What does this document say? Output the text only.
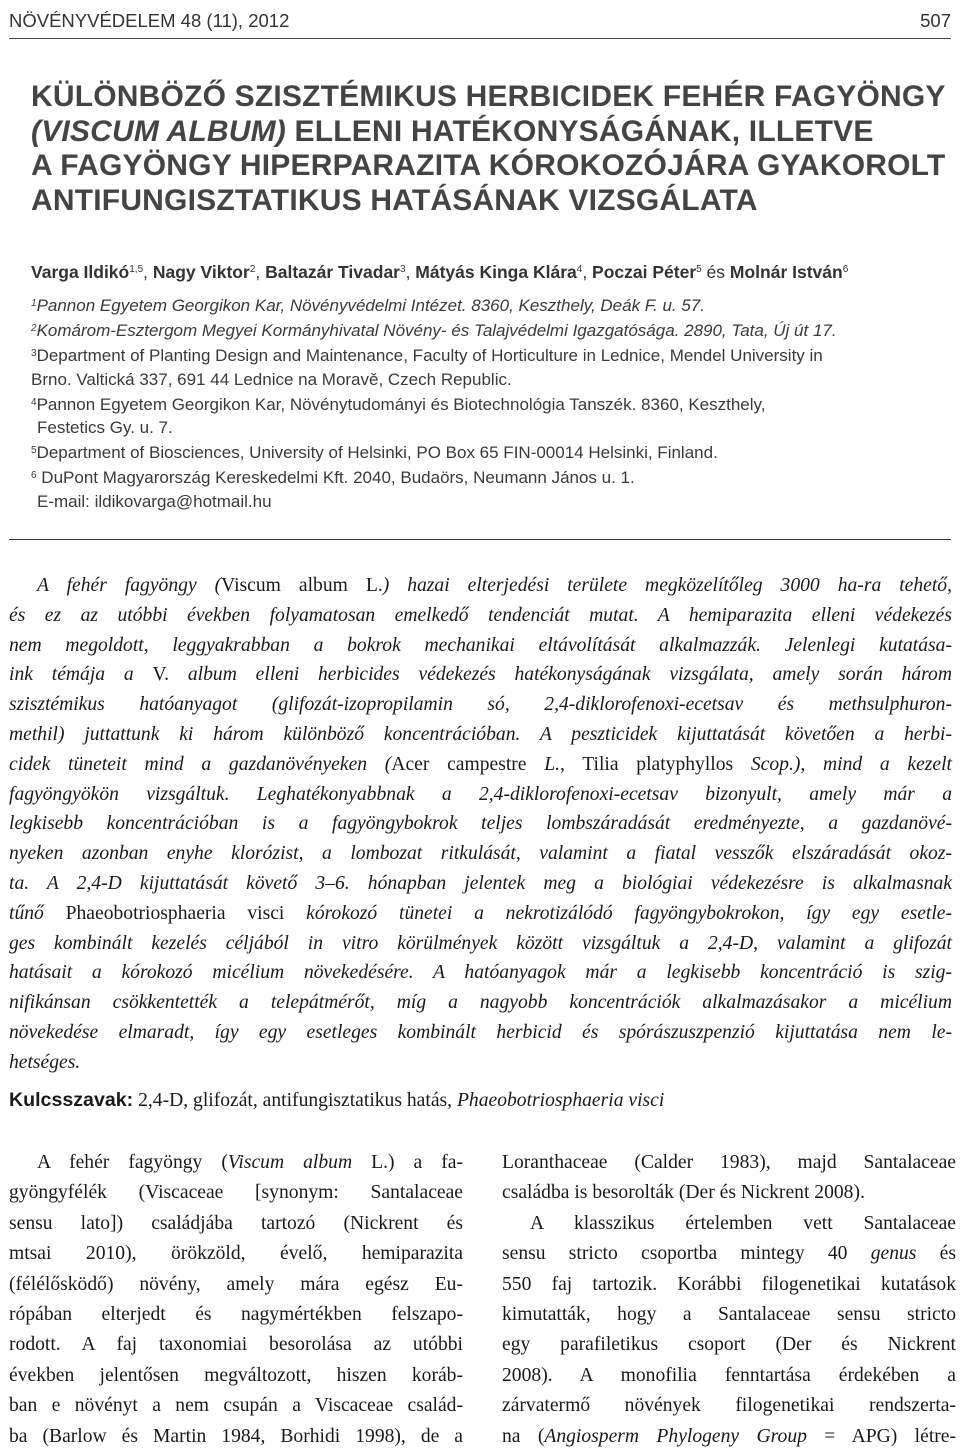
NÖVÉNYVÉDELEM 48 (11), 2012	507
KÜLÖNBÖZŐ SZISZTÉMIKUS HERBICIDEK FEHÉR FAGYÖNGY
(VISCUM ALBUM) ELLENI HATÉKONYSÁGÁNAK, ILLETVE
A FAGYÖNGY HIPERPARAZITA KÓROKOZÓJÁRA GYAKOROLT
ANTIFUNGISZTATIKUS HATÁSÁNAK VIZSGÁLATA
Varga Ildikó$^{1,5}$, Nagy Viktor$^2$, Baltazár Tivadar$^3$, Mátyás Kinga Klára$^4$, Poczai Péter$^5$ és Molnár István$^6$
$^1$Pannon Egyetem Georgikon Kar, Növényvédelmi Intézet. 8360, Keszthely, Deák F. u. 57.
$^2$Komárom-Esztergom Megyei Kormányhivatal Növény- és Talajvédelmi Igazgatósága. 2890, Tata, Új út 17.
$^3$Department of Planting Design and Maintenance, Faculty of Horticulture in Lednice, Mendel University in
Brno. Valtická 337, 691 44 Lednice na Moravě, Czech Republic.
$^4$Pannon Egyetem Georgikon Kar, Növénytudományi és Biotechnológia Tanszék. 8360, Keszthely,
Festetics Gy. u. 7.
$^5$Department of Biosciences, University of Helsinki, PO Box 65 FIN-00014 Helsinki, Finland.
$^6$ DuPont Magyarország Kereskedelmi Kft. 2040, Budaörs, Neumann János u. 1.
E-mail: ildikovarga@hotmail.hu
A fehér fagyöngy (Viscum album L.) hazai elterjedési területe megközelítőleg 3000 ha-ra tehető,
és ez az utóbbi években folyamatosan emelkedő tendenciát mutat. A hemiparazita elleni védekezés
nem megoldott, leggyakrabban a bokrok mechanikai eltávolítását alkalmazzák. Jelenlegi kutatása-
ink témája a V. album elleni herbicides védekezés hatékonyságának vizsgálata, amely során három
szisztémikus hatóanyagot (glifozát-izopropilamin só, 2,4-diklorofenoxi-ecetsav és methsulphuron-
methil) juttattunk ki három különböző koncentrációban. A peszticidek kijuttatását követően a herbi-
cidek tüneteit mind a gazdanövényeken (Acer campestre L., Tilia platyphyllos Scop.), mind a kezelt
fagyöngyökön vizsgáltuk. Leghatékonyabbnak a 2,4-diklorofenoxi-ecetsav bizonyult, amely már a
legkisebb koncentrációban is a fagyöngybokrok teljes lombszáradását eredményezte, a gazdanövé-
nyeken azonban enyhe klorózist, a lombozat ritkulását, valamint a fiatal vesszők elszáradását okoz-
ta. A 2,4-D kijuttatását követő 3–6. hónapban jelentek meg a biológiai védekezésre is alkalmasnak
tűnő Phaeobotriosphaeria visci kórokozó tünetei a nekrotizálódó fagyöngybokrokon, így egy esetle-
ges kombinált kezelés céljából in vitro körülmények között vizsgáltuk a 2,4-D, valamint a glifozát
hatásait a kórokozó micélium növekedésére. A hatóanyagok már a legkisebb koncentráció is szig-
nifikánsan csökkentették a telepátmérőt, míg a nagyobb koncentrációk alkalmazásakor a micélium
növekedése elmaradt, így egy esetleges kombinált herbicid és spórászuszpenzió kijuttatása nem le-
hetséges.
Kulcsszavak: 2,4-D, glifozát, antifungisztatikus hatás, Phaeobotriosphaeria visci
A fehér fagyöngy (Viscum album L.) a fa-
gyöngyfélék (Viscaceae [synonym: Santalaceae
sensu lato]) családjába tartozó (Nickrent és
mtsai 2010), örökzöld, évelő, hemiparazita
(félélősködő) növény, amely mára egész Eu-
rópában elterjedt és nagymértékben felszapo-
rodott. A faj taxonomiai besorolása az utóbbi
években jelentősen megváltozott, hiszen koráb-
ban e növényt a nem csupán a Viscaceae család-
ba (Barlow és Martin 1984, Borhidi 1998), de a
Loranthaceae (Calder 1983), majd Santalaceae
családba is besorolták (Der és Nickrent 2008).
A klasszikus értelemben vett Santalaceae
sensu stricto csoportba mintegy 40 genus és
550 faj tartozik. Korábbi filogenetikai kutatások
kimutatták, hogy a Santalaceae sensu stricto
egy parafiletikus csoport (Der és Nickrent
2008). A monofilia fenntartása érdekében a
zárvatermő növények filogenetikai rendszerta-
na (Angiosperm Phylogeny Group = APG) létre-
